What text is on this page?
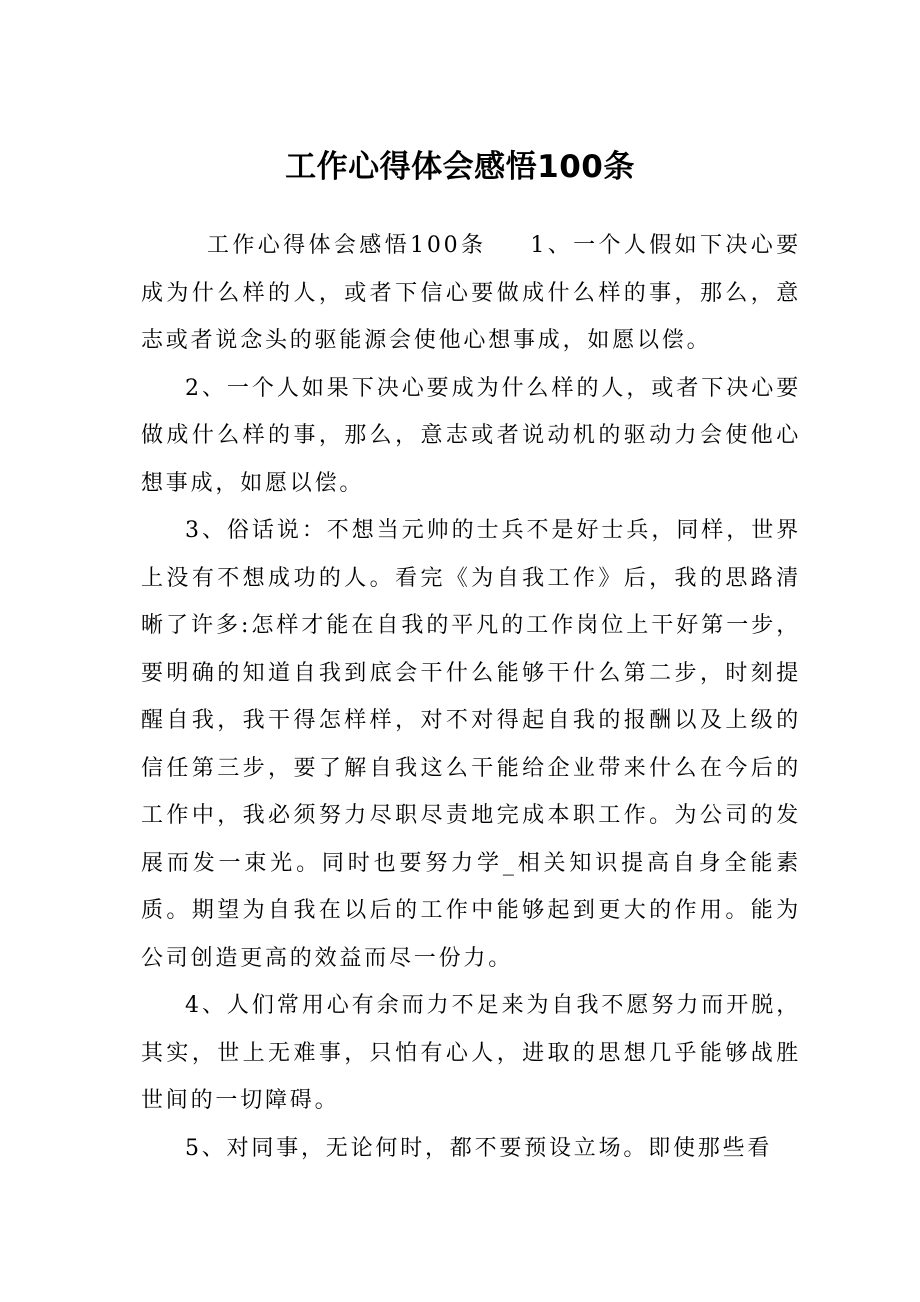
工作心得体会感悟100条

工作心得体会感悟100条 1、一个人假如下决心要成为什么样的人，或者下信心要做成什么样的事，那么，意志或者说念头的驱能源会使他心想事成，如愿以偿。

2、一个人如果下决心要成为什么样的人，或者下决心要做成什么样的事，那么，意志或者说动机的驱动力会使他心想事成，如愿以偿。

3、俗话说：不想当元帅的士兵不是好士兵，同样，世界上没有不想成功的人。看完《为自我工作》后，我的思路清晰了许多:怎样才能在自我的平凡的工作岗位上干好第一步，要明确的知道自我到底会干什么能够干什么第二步，时刻提醒自我，我干得怎样样，对不对得起自我的报酬以及上级的信任第三步，要了解自我这么干能给企业带来什么在今后的工作中，我必须努力尽职尽责地完成本职工作。为公司的发展而发一束光。同时也要努力学_相关知识提高自身全能素质。期望为自我在以后的工作中能够起到更大的作用。能为公司创造更高的效益而尽一份力。

4、人们常用心有余而力不足来为自我不愿努力而开脱，其实，世上无难事，只怕有心人，进取的思想几乎能够战胜世间的一切障碍。

5、对同事，无论何时，都不要预设立场。即使那些看
